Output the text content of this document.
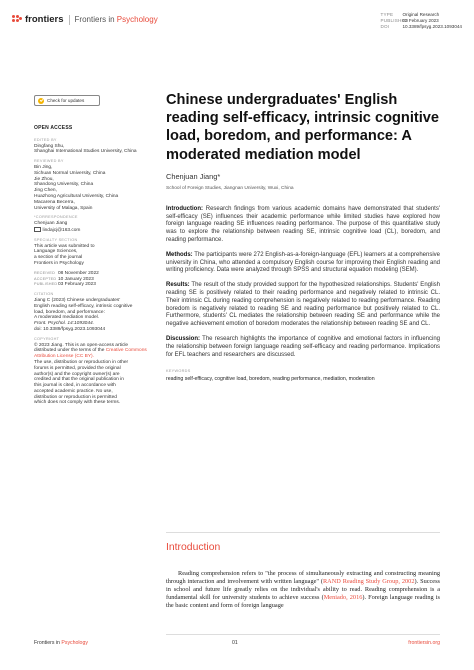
frontiers Frontiers in Psychology
TYPE Original Research
PUBLISHED03 February 2023
DOI	10.3389/fpsyg.2023.1093044
Check for updates
OPEN ACCESS
EDITED BY
Dingfang Shu,
Shanghai International Studies University, China
REVIEWED BY
Bin Jing,
Sichuan Normal University, China
Jie Zhou,
Shandong University, China
Jing Chen,
Huazhong Agricultural University, China
Macarena Becerra,
University of Malaga, Spain
*CORRESPONDENCE
Chenjuan Jiang
lindajcj@163.com
SPECIALTY SECTION
This article was submitted to
Language Sciences,
a section of the journal
Frontiers in Psychology
RECEIVED 08 November 2022
ACCEPTED 10 January 2023
PUBLISHED03 February 2023
CITATION
Jiang C (2023) Chinese undergraduates'
English reading self-efficacy, intrinsic cognitive
load, boredom, and performance:
A moderated mediation model.
Front. Psychol. 14:1093044.
doi: 10.3389/fpsyg.2023.1093044
COPYRIGHT
© 2023 Jiang. This is an open-access article
distributed under the terms of the Creative Commons Attribution License (CC BY).
The use, distribution or reproduction in other
forums is permitted, provided the original
author(s) and the copyright owner(s) are
credited and that the original publication in
this journal is cited, in accordance with
accepted academic practice. No use,
distribution or reproduction is permitted
which does not comply with these terms.
Chinese undergraduates' English reading self-efficacy, intrinsic cognitive load, boredom, and performance: A moderated mediation model
Chenjuan Jiang*
School of Foreign Studies, Jiangnan University, Wuxi, China

Introduction: Research findings from various academic domains have demonstrated that students' self-efficacy (SE) influences their academic performance while limited studies have explored how foreign language reading SE influences reading performance. The purpose of this quantitative study was to explore the relationship between reading SE, intrinsic cognitive load (CL), boredom, and reading performance.

Methods: The participants were 272 English-as-a-foreign-language (EFL) learners at a comprehensive university in China, who attended a compulsory English course for improving their English reading and writing proficiency. Data were analyzed through SPSS and structural equation modeling (SEM).

Results: The result of the study provided support for the hypothesized relationships. Students' English reading SE is positively related to their reading performance and negatively related to intrinsic CL. Their intrinsic CL during reading comprehension is negatively related to reading performance. Reading boredom is negatively related to reading SE and reading performance but positively related to CL. Furthermore, students' CL mediates the relationship between reading SE and performance while the negative achievement emotion of boredom moderates the relationship between reading SE and CL.

Discussion: The research highlights the importance of cognitive and emotional factors in influencing the relationship between foreign language reading self-efficacy and reading performance. Implications for EFL teachers and researchers are discussed.

KEYWORDS
reading self-efficacy, cognitive load, boredom, reading performance, mediation, moderation
Introduction

Reading comprehension refers to "the process of simultaneously extracting and constructing meaning through interaction and involvement with written language" (RAND Reading Study Group, 2002). Success in school and future life greatly relies on the individual's ability to read. Reading comprehension is a fundamental skill for university students to achieve success (Meniado, 2016). Foreign language reading is the basic content and form of foreign language

Frontiers in Psychology	01	frontiersin.org
